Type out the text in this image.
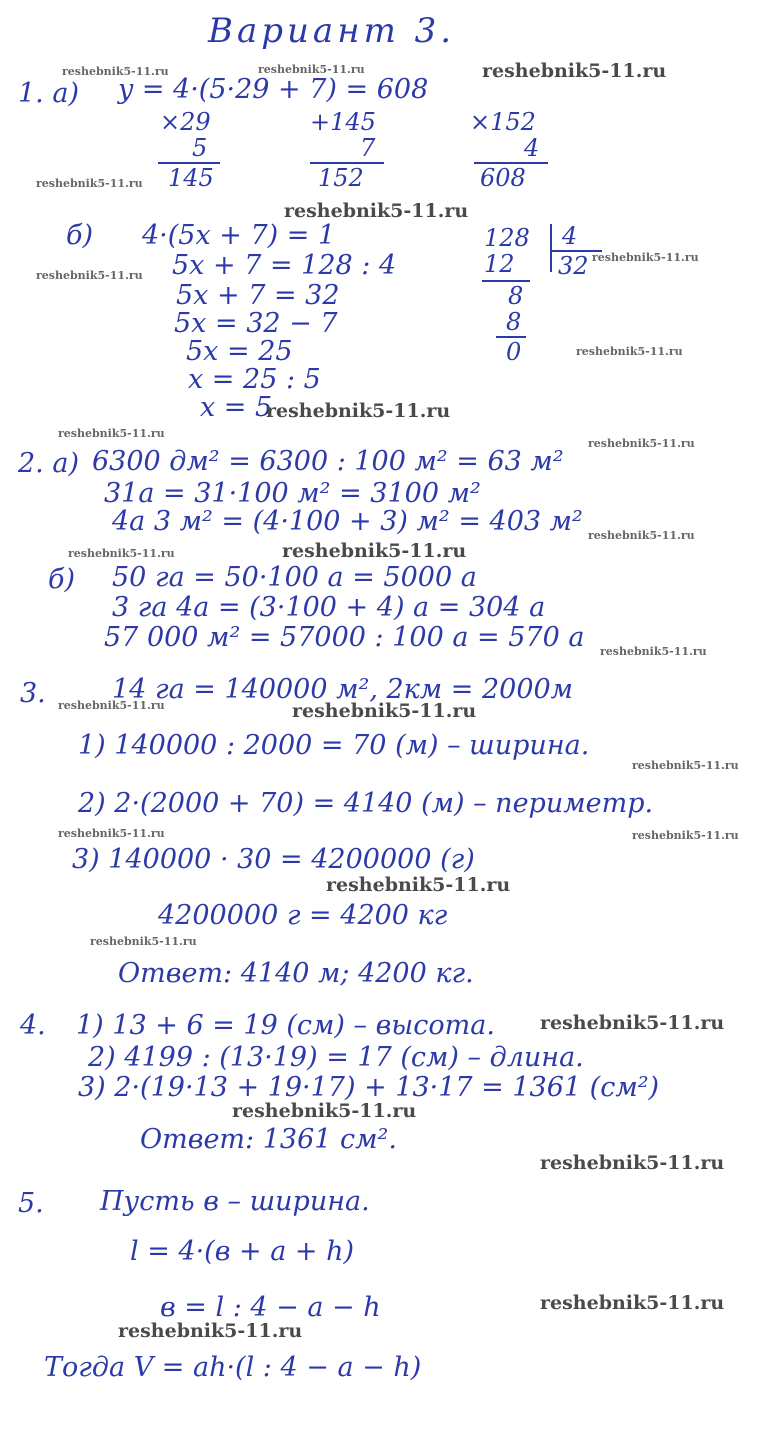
Вариант 3.
1. а) y = 4·(5·29 + 7) = 608
×29
5
145
+145
7
152
×152
4
608
б) 4·(5x + 7) = 1
5x + 7 = 128 : 4
5x + 7 = 32
5x = 32 − 7
5x = 25
x = 25 : 5
x = 5
128 4
32
12
8
8
0
2. а) 6300 дм² = 6300 : 100 м² = 63 м²
31а = 31·100 м² = 3100 м²
4а 3 м² = (4·100 + 3) м² = 403 м²
б) 50 га = 50·100 а = 5000 а
3 га 4а = (3·100 + 4) а = 304 а
57 000 м² = 57000 : 100 а = 570 а
3. 14 га = 140000 м², 2км = 2000м
1) 140000 : 2000 = 70 (м) – ширина.
2) 2·(2000 + 70) = 4140 (м) – периметр.
3) 140000 · 30 = 4200000 (г)
4200000 г = 4200 кг
Ответ: 4140 м; 4200 кг.
4. 1) 13 + 6 = 19 (см) – высота.
2) 4199 : (13·19) = 17 (см) – длина.
3) 2·(19·13 + 19·17) + 13·17 = 1361 (см²)
Ответ: 1361 см².
5. Пусть в – ширина.
l = 4·(в + a + h)
в = l : 4 − a − h
Тогда V = ah·(l : 4 − a − h)
reshebnik5-11.ru	reshebnik5-11.ru	reshebnik5-11.ru
reshebnik5-11.ru
reshebnik5-11.ru
reshebnik5-11.ru
reshebnik5-11.ru
reshebnik5-11.ru
reshebnik5-11.ru
reshebnik5-11.ru
reshebnik5-11.ru
reshebnik5-11.ru
reshebnik5-11.ru
reshebnik5-11.ru
reshebnik5-11.ru
reshebnik5-11.ru	reshebnik5-11.ru
reshebnik5-11.ru
reshebnik5-11.ru	reshebnik5-11.ru
reshebnik5-11.ru
reshebnik5-11.ru
reshebnik5-11.ru
reshebnik5-11.ru
reshebnik5-11.ru
reshebnik5-11.ru
reshebnik5-11.ru
